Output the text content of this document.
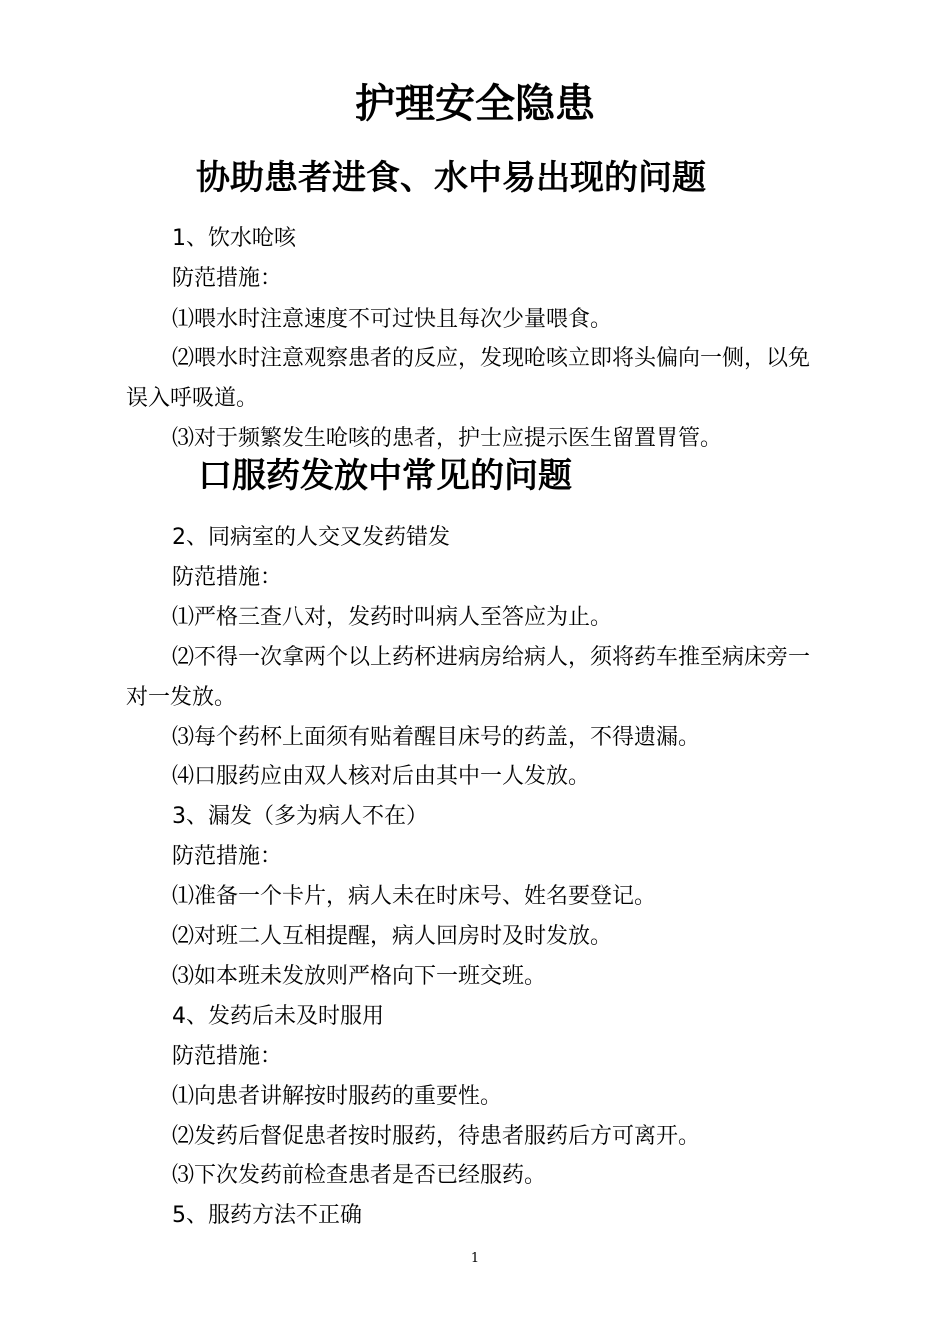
护理安全隐患
协助患者进食、水中易出现的问题
1、饮水呛咳
防范措施：
⑴喂水时注意速度不可过快且每次少量喂食。
⑵喂水时注意观察患者的反应，发现呛咳立即将头偏向一侧，以免
误入呼吸道。
⑶对于频繁发生呛咳的患者，护士应提示医生留置胃管。
口服药发放中常见的问题
2、同病室的人交叉发药错发
防范措施：
⑴严格三查八对，发药时叫病人至答应为止。
⑵不得一次拿两个以上药杯进病房给病人，须将药车推至病床旁一
对一发放。
⑶每个药杯上面须有贴着醒目床号的药盖，不得遗漏。
⑷口服药应由双人核对后由其中一人发放。
3、漏发（多为病人不在）
防范措施：
⑴准备一个卡片，病人未在时床号、姓名要登记。
⑵对班二人互相提醒，病人回房时及时发放。
⑶如本班未发放则严格向下一班交班。
4、发药后未及时服用
防范措施：
⑴向患者讲解按时服药的重要性。
⑵发药后督促患者按时服药，待患者服药后方可离开。
⑶下次发药前检查患者是否已经服药。
5、服药方法不正确
1
